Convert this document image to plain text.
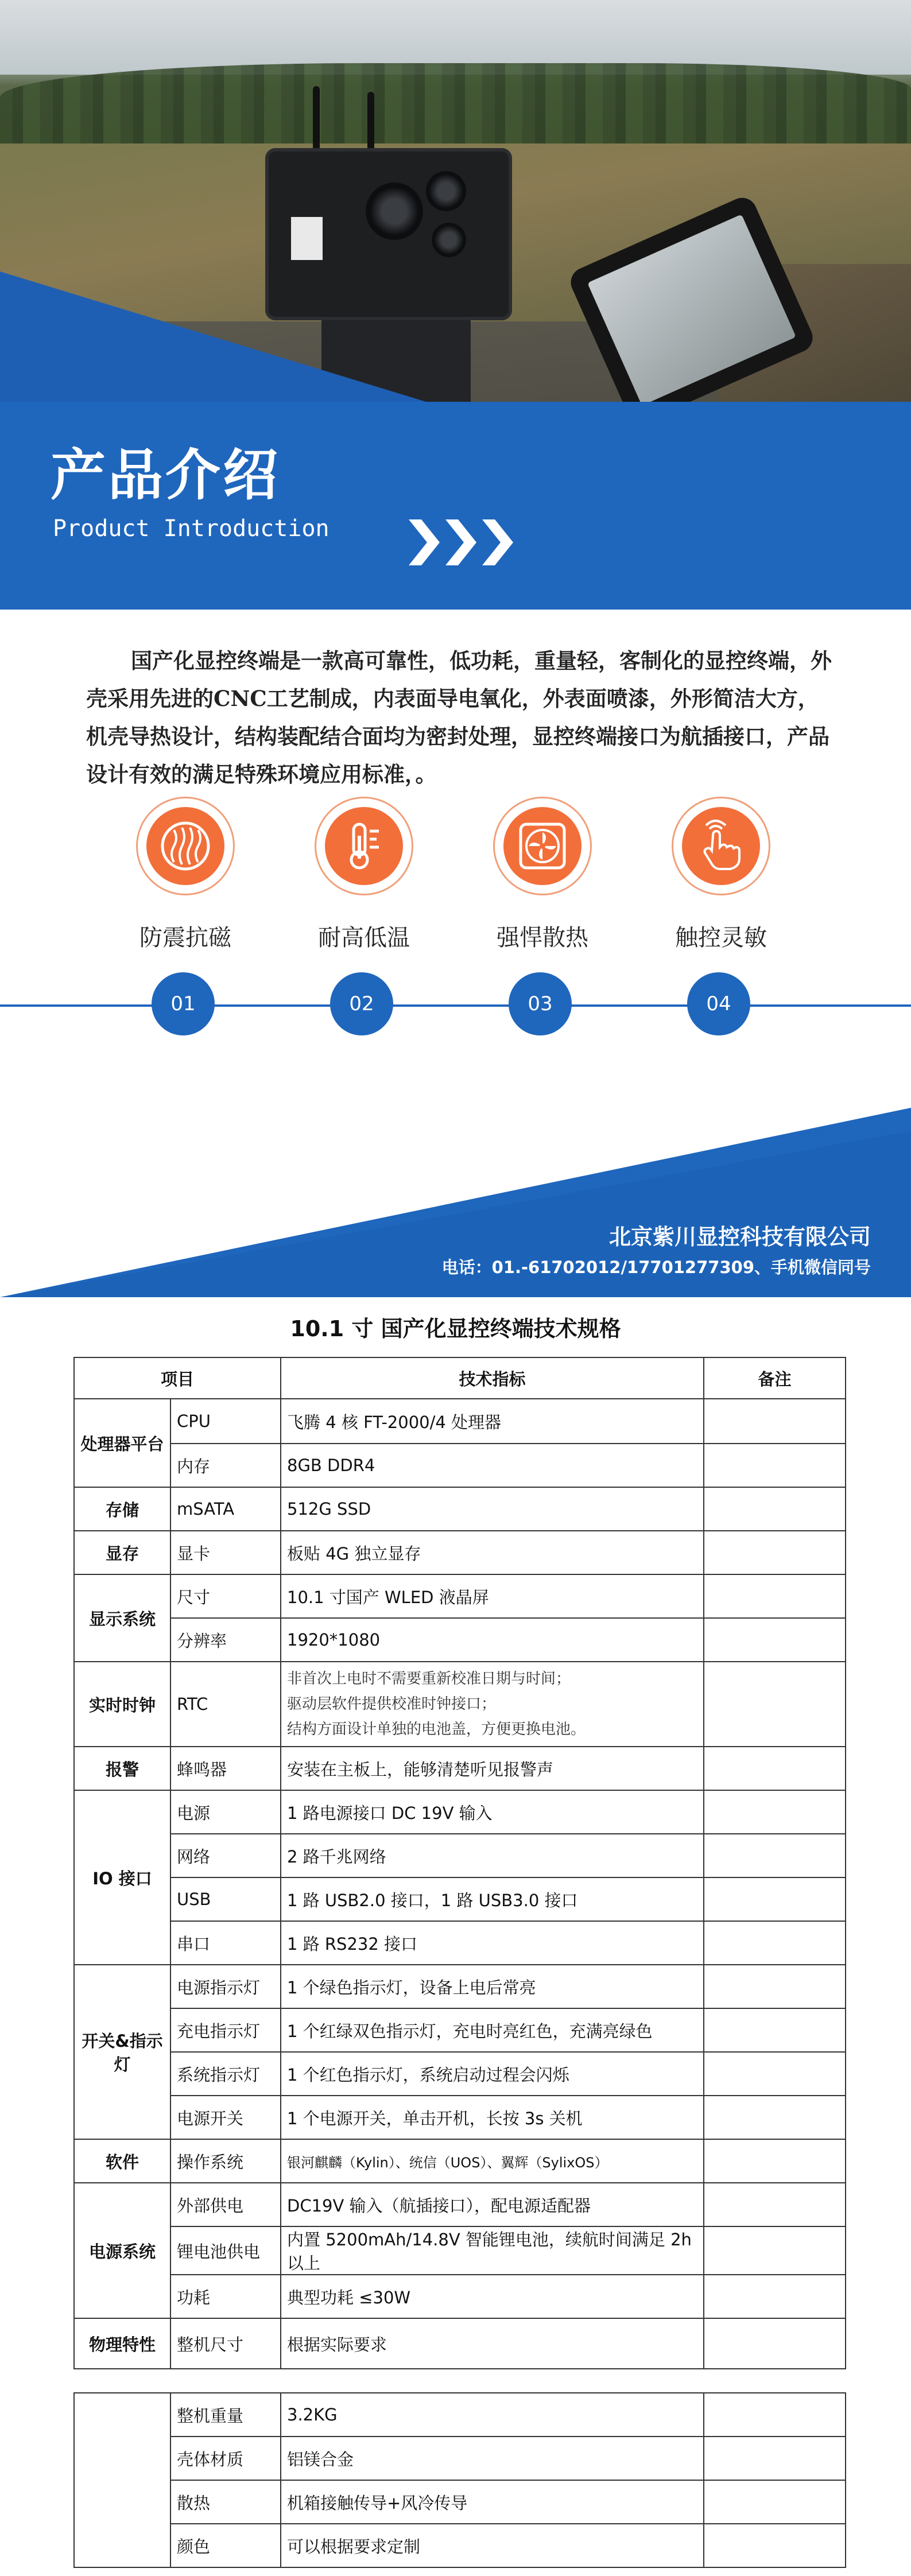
产品介绍
Product Introduction

国产化显控终端是一款高可靠性，低功耗，重量轻，客制化的显控终端，外壳采用先进的CNC工艺制成，内表面导电氧化，外表面喷漆，外形简洁大方，机壳导热设计，结构装配结合面均为密封处理，显控终端接口为航插接口，产品设计有效的满足特殊环境应用标准，。

防震抗磁	耐高低温	强悍散热	触控灵敏
01	02	03	04
北京紫川显控科技有限公司
电话：01.-61702012/17701277309、手机微信同号
10.1 寸 国产化显控终端技术规格
项目		技术指标	备注
处理器平台	CPU	飞腾 4 核 FT-2000/4 处理器	
	内存	8GB DDR4	
存储	mSATA	512G SSD	
显存	显卡	板贴 4G 独立显存	
显示系统	尺寸	10.1 寸国产 WLED 液晶屏	
	分辨率	1920*1080	
实时时钟	RTC	非首次上电时不需要重新校准日期与时间；
驱动层软件提供校准时钟接口；
结构方面设计单独的电池盖，方便更换电池。	

报警	蜂鸣器	安装在主板上，能够清楚听见报警声	
IO 接口	电源	1 路电源接口 DC 19V 输入	
	网络	2 路千兆网络	
	USB	1 路 USB2.0 接口，1 路 USB3.0 接口	
	串口	1 路 RS232 接口	
开关&指示灯	电源指示灯	1 个绿色指示灯，设备上电后常亮	
	充电指示灯	1 个红绿双色指示灯，充电时亮红色，充满亮绿色	
	系统指示灯	1 个红色指示灯，系统启动过程会闪烁	
	电源开关	1 个电源开关，单击开机，长按 3s 关机	
软件	操作系统	银河麒麟（Kylin）、统信（UOS）、翼辉（SylixOS）	
电源系统	外部供电	DC19V 输入（航插接口），配电源适配器	
	锂电池供电	内置 5200mAh/14.8V 智能锂电池，续航时间满足 2h 以上	
	功耗	典型功耗 ≤30W	
物理特性	整机尺寸	根据实际要求	
	整机重量	3.2KG	
	壳体材质	铝镁合金	
	散热	机箱接触传导+风冷传导	
	颜色	可以根据要求定制	
